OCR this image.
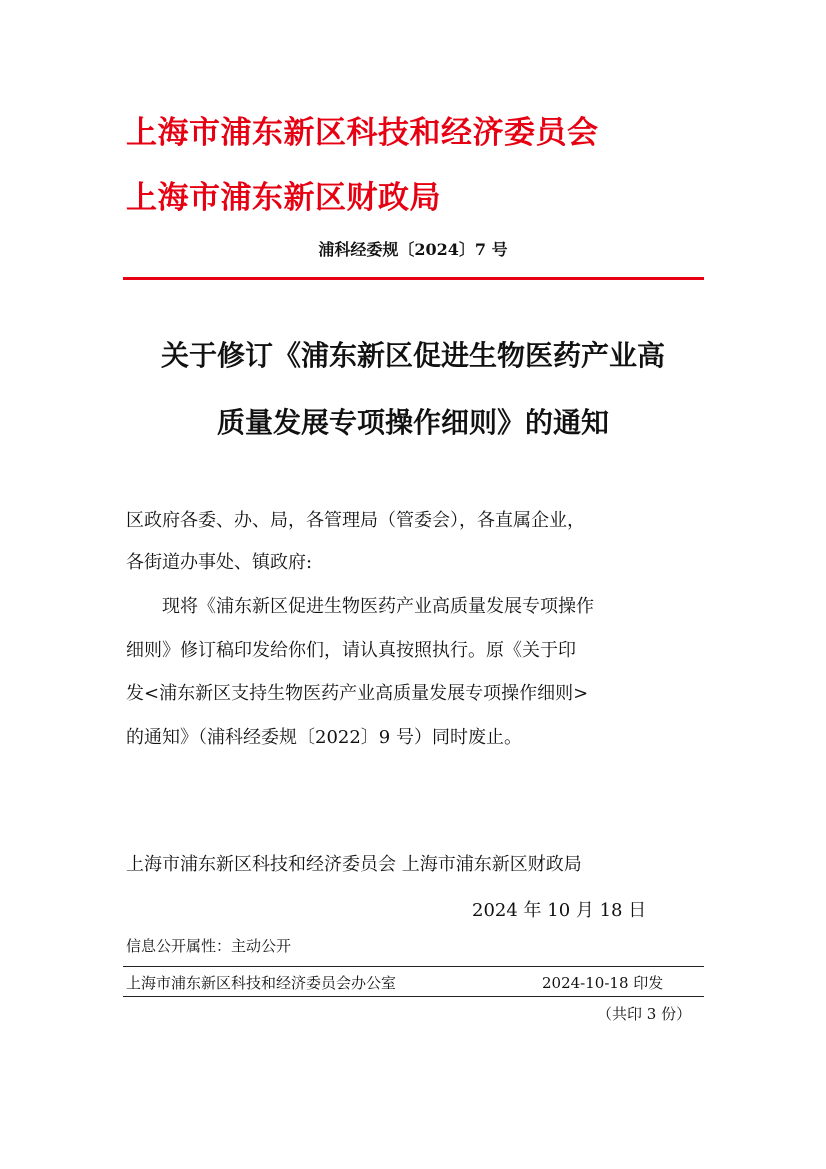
上海市浦东新区科技和经济委员会
上海市浦东新区财政局
浦科经委规〔2024〕7 号
关于修订《浦东新区促进生物医药产业高
质量发展专项操作细则》的通知
区政府各委、办、局，各管理局（管委会），各直属企业，
各街道办事处、镇政府:
现将《浦东新区促进生物医药产业高质量发展专项操作
细则》修订稿印发给你们，请认真按照执行。原《关于印
发<浦东新区支持生物医药产业高质量发展专项操作细则>
的通知》（浦科经委规〔2022〕9 号）同时废止。
上海市浦东新区科技和经济委员会 上海市浦东新区财政局
2024 年 10 月 18 日
信息公开属性：主动公开
上海市浦东新区科技和经济委员会办公室	2024-10-18 印发
（共印 3 份）
